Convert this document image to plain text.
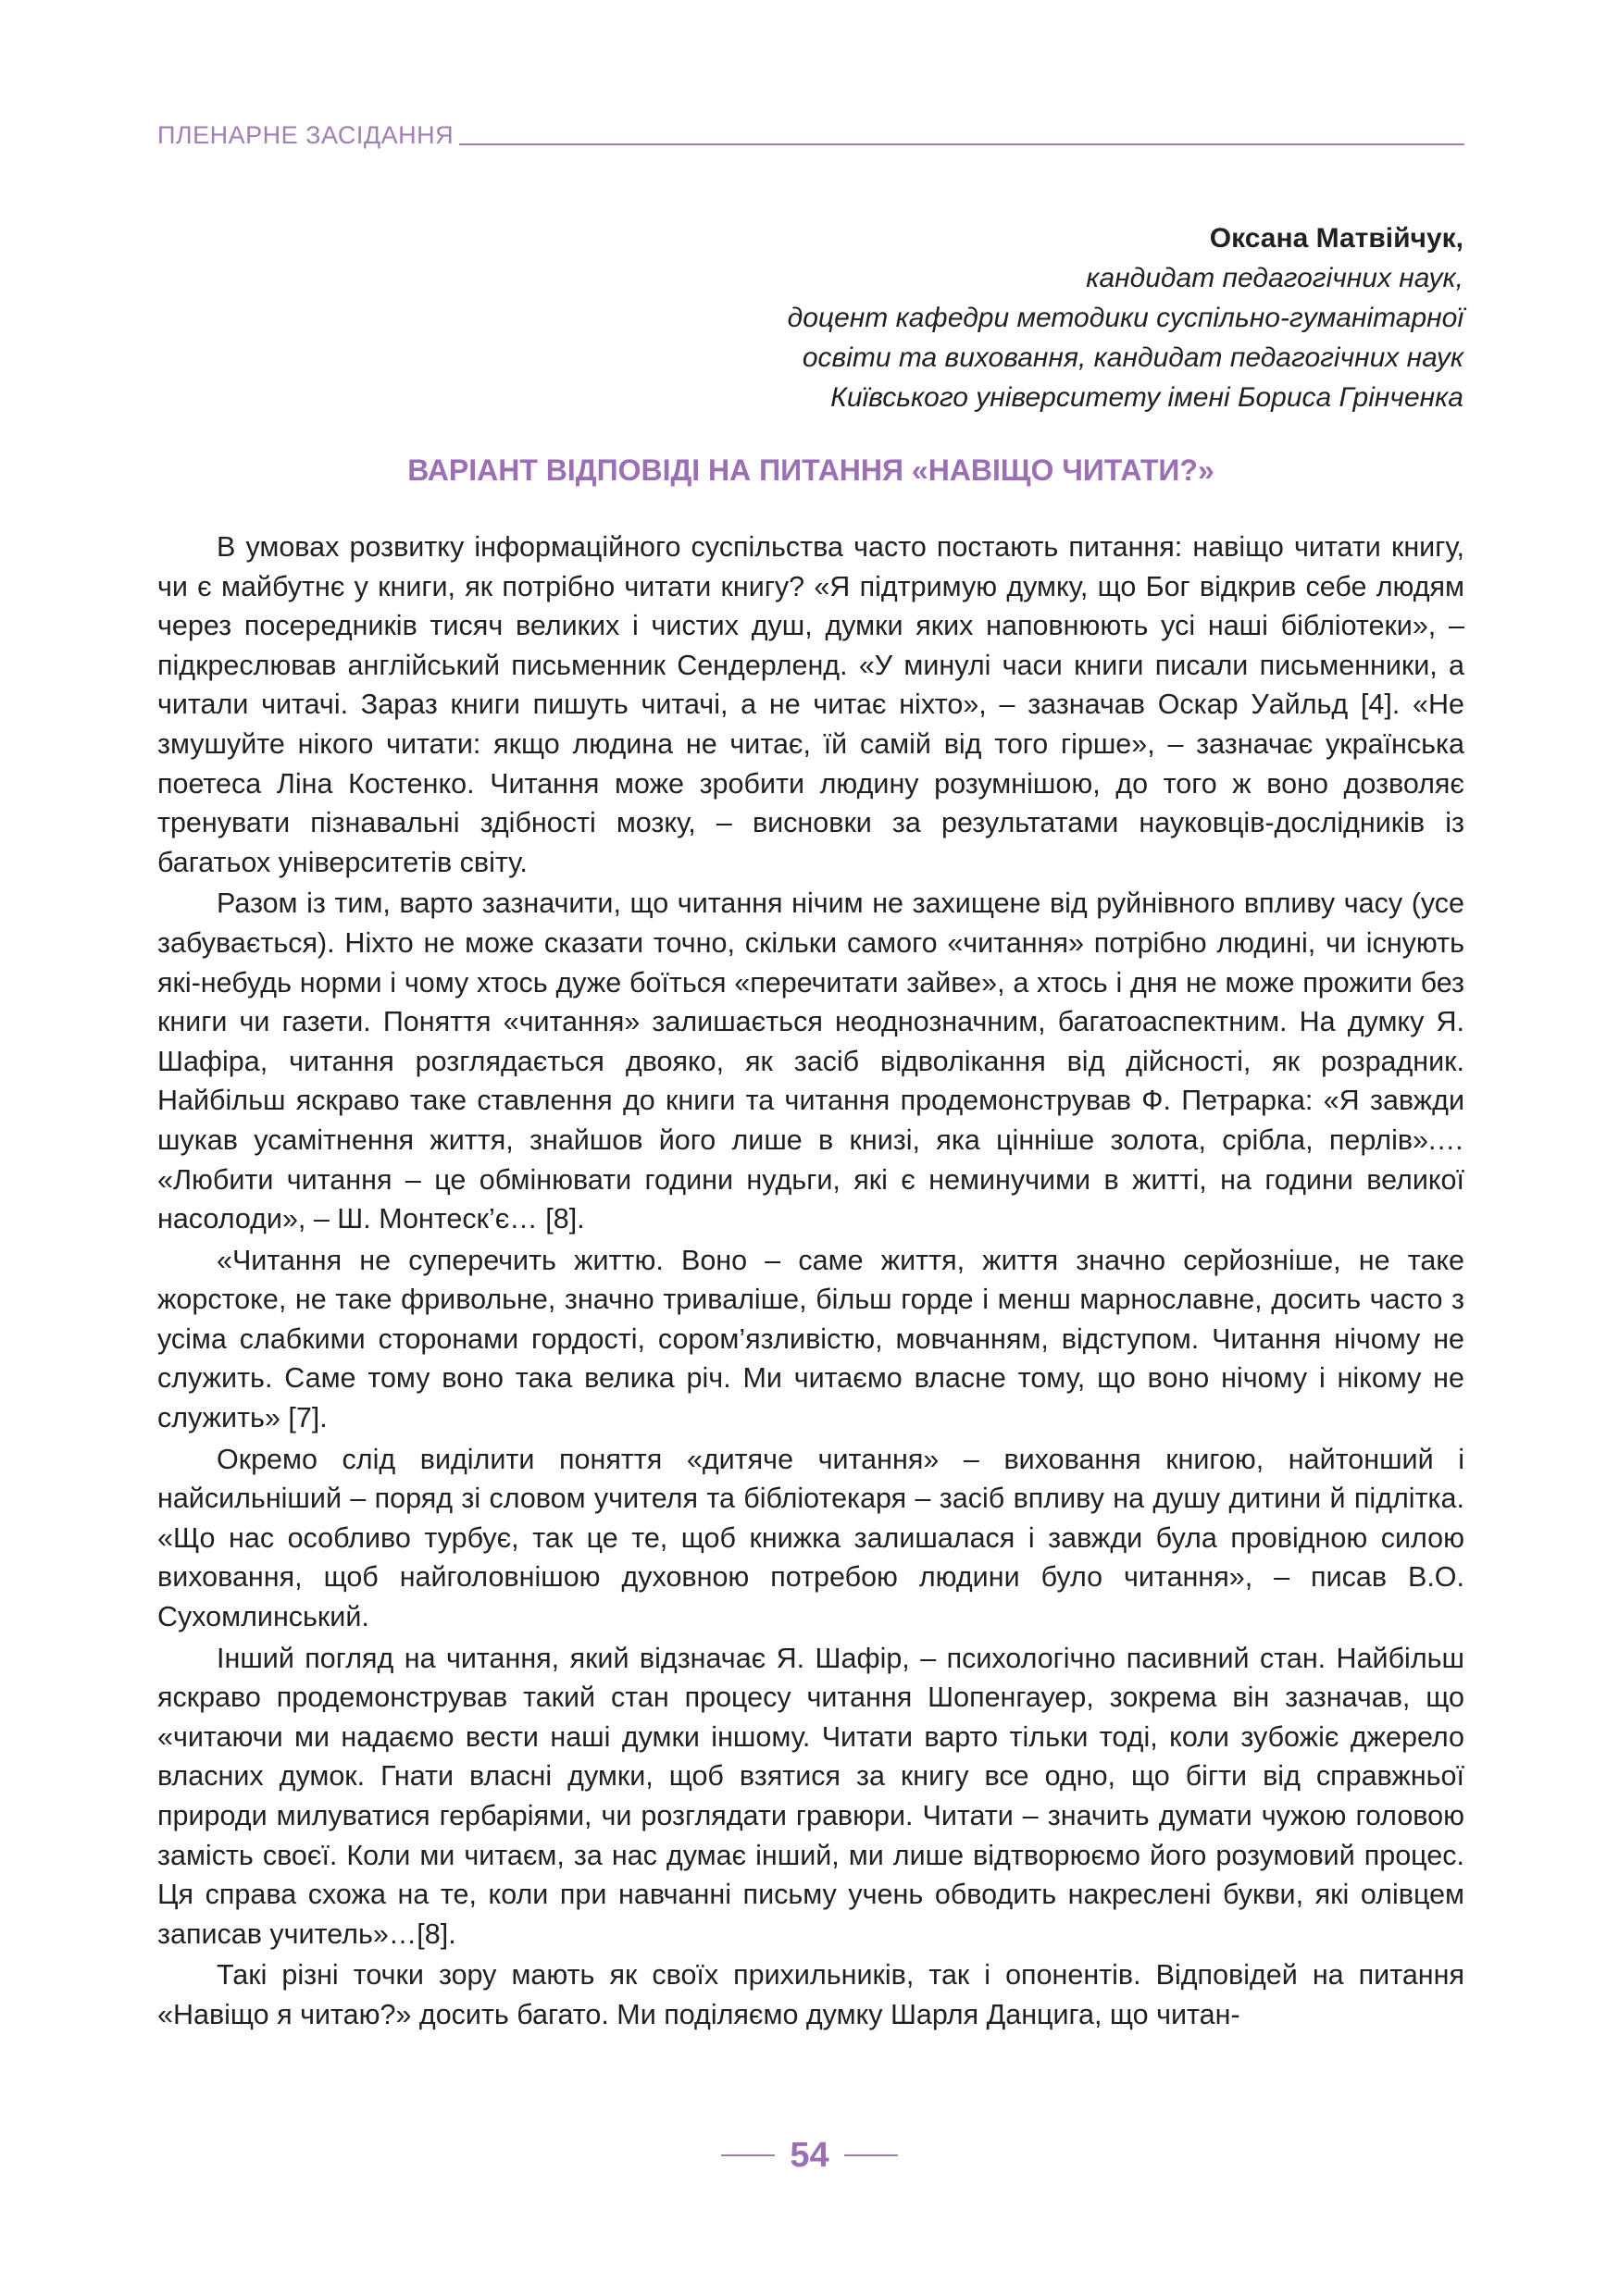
ПЛЕНАРНЕ ЗАСІДАННЯ
Оксана Матвійчук,
кандидат педагогічних наук,
доцент кафедри методики суспільно-гуманітарної
освіти та виховання, кандидат педагогічних наук
Київського університету імені Бориса Грінченка
ВАРІАНТ ВІДПОВІДІ НА ПИТАННЯ «НАВІЩО ЧИТАТИ?»

В умовах розвитку інформаційного суспільства часто постають питання: навіщо читати книгу, чи є майбутнє у книги, як потрібно читати книгу? «Я підтримую думку, що Бог відкрив себе людям через посередників тисяч великих і чистих душ, думки яких наповнюють усі наші бібліотеки», – підкреслював англійський письменник Сендерленд. «У минулі часи книги писали письменники, а читали читачі. Зараз книги пишуть читачі, а не читає ніхто», – зазначав Оскар Уайльд [4]. «Не змушуйте нікого читати: якщо людина не читає, їй самій від того гірше», – зазначає українська поетеса Ліна Костенко. Читання може зробити людину розумнішою, до того ж воно дозволяє тренувати пізнавальні здібності мозку, – висновки за результатами науковців-дослідників із багатьох університетів світу.

Разом із тим, варто зазначити, що читання нічим не захищене від руйнівного впливу часу (усе забувається). Ніхто не може сказати точно, скільки самого «читання» потрібно людині, чи існують які-небудь норми і чому хтось дуже боїться «перечитати зайве», а хтось і дня не може прожити без книги чи газети. Поняття «читання» залишається неоднозначним, багатоаспектним. На думку Я. Шафіра, читання розглядається двояко, як засіб відволікання від дійсності, як розрадник. Найбільш яскраво таке ставлення до книги та читання продемонстрував Ф. Петрарка: «Я завжди шукав усамітнення життя, знайшов його лише в книзі, яка цінніше золота, срібла, перлів».… «Любити читання – це обмінювати години нудьги, які є неминучими в житті, на години великої насолоди», – Ш. Монтеск’є… [8].

«Читання не суперечить життю. Воно – саме життя, життя значно серйозніше, не таке жорстоке, не таке фривольне, значно триваліше, більш горде і менш марнославне, досить часто з усіма слабкими сторонами гордості, сором’язливістю, мовчанням, відступом. Читання нічому не служить. Саме тому воно така велика річ. Ми читаємо власне тому, що воно нічому і нікому не служить» [7].

Окремо слід виділити поняття «дитяче читання» – виховання книгою, найтонший і найсильніший – поряд зі словом учителя та бібліотекаря – засіб впливу на душу дитини й підлітка. «Що нас особливо турбує, так це те, щоб книжка залишалася і завжди була провідною силою виховання, щоб найголовнішою духовною потребою людини було читання», – писав В.О. Сухомлинський.

Інший погляд на читання, який відзначає Я. Шафір, – психологічно пасивний стан. Найбільш яскраво продемонстрував такий стан процесу читання Шопенгауер, зокрема він зазначав, що «читаючи ми надаємо вести наші думки іншому. Читати варто тільки тоді, коли зубожіє джерело власних думок. Гнати власні думки, щоб взятися за книгу все одно, що бігти від справжньої природи милуватися гербаріями, чи розглядати гравюри. Читати – значить думати чужою головою замість своєї. Коли ми читаєм, за нас думає інший, ми лише відтворюємо його розумовий процес. Ця справа схожа на те, коли при навчанні письму учень обводить накреслені букви, які олівцем записав учитель»…[8].

Такі різні точки зору мають як своїх прихильників, так і опонентів. Відповідей на питання «Навіщо я читаю?» досить багато. Ми поділяємо думку Шарля Данцига, що читан-

54
